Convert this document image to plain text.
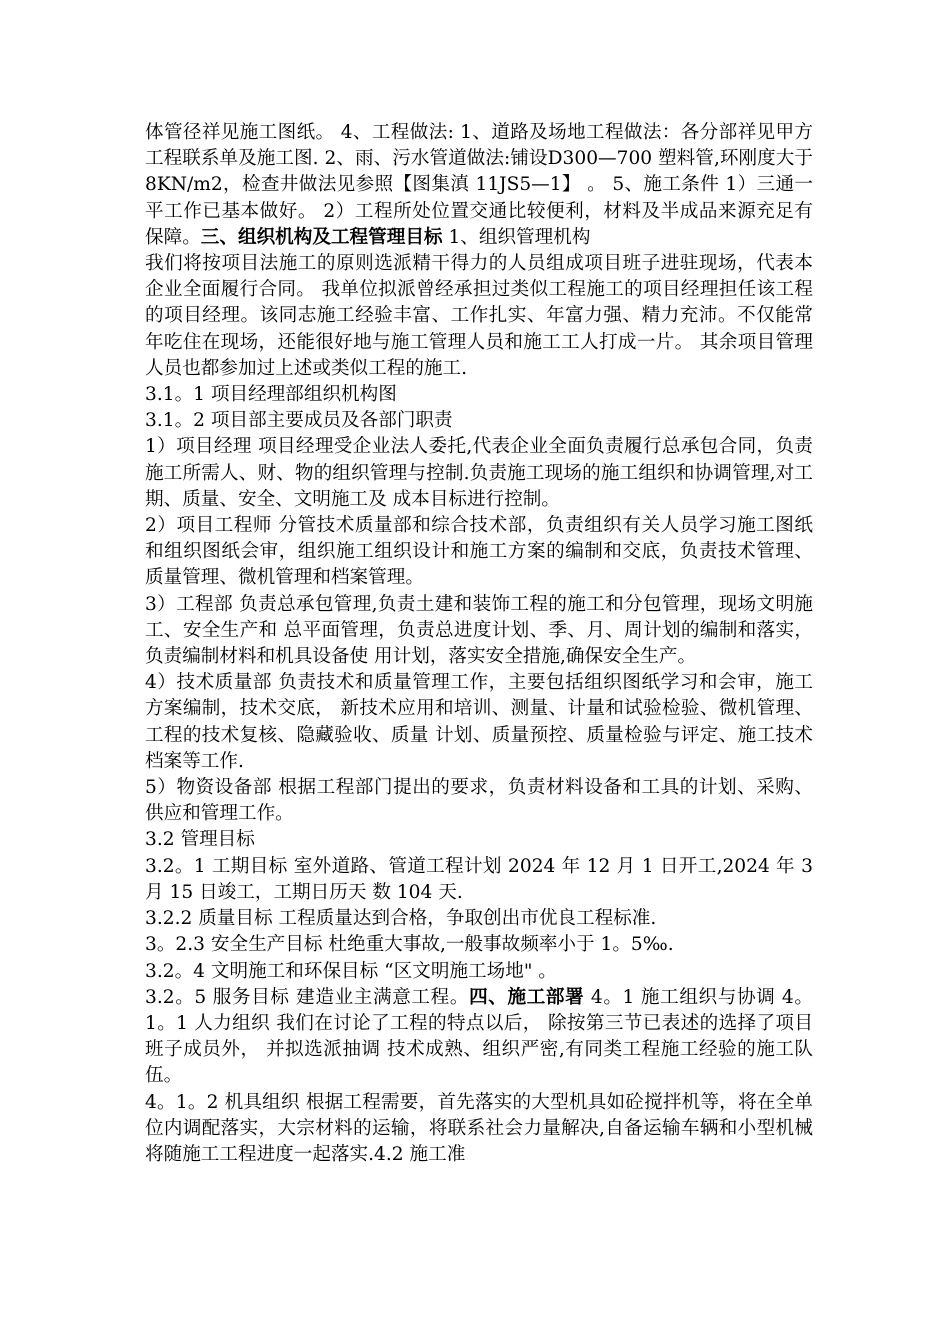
体管径祥见施工图纸。 4、工程做法: 1、道路及场地工程做法：各分部祥见甲方工程联系单及施工图. 2、雨、污水管道做法:铺设D300—700 塑料管,环刚度大于 8KN/m2，检查井做法见参照【图集滇 11JS5—1】 。 5、施工条件 1）三通一平工作已基本做好。 2）工程所处位置交通比较便利，材料及半成品来源充足有保障。三、组织机构及工程管理目标 1、组织管理机构

我们将按项目法施工的原则选派精干得力的人员组成项目班子进驻现场，代表本企业全面履行合同。 我单位拟派曾经承担过类似工程施工的项目经理担任该工程的项目经理。该同志施工经验丰富、工作扎实、年富力强、精力充沛。不仅能常年吃住在现场，还能很好地与施工管理人员和施工工人打成一片。 其余项目管理人员也都参加过上述或类似工程的施工.

3.1。1 项目经理部组织机构图

3.1。2 项目部主要成员及各部门职责

1）项目经理 项目经理受企业法人委托,代表企业全面负责履行总承包合同，负责施工所需人、财、物的组织管理与控制.负责施工现场的施工组织和协调管理,对工期、质量、安全、文明施工及 成本目标进行控制。

2）项目工程师 分管技术质量部和综合技术部，负责组织有关人员学习施工图纸和组织图纸会审，组织施工组织设计和施工方案的编制和交底，负责技术管理、质量管理、微机管理和档案管理。

3）工程部 负责总承包管理,负责土建和装饰工程的施工和分包管理，现场文明施工、安全生产和 总平面管理，负责总进度计划、季、月、周计划的编制和落实，负责编制材料和机具设备使 用计划，落实安全措施,确保安全生产。

4）技术质量部 负责技术和质量管理工作，主要包括组织图纸学习和会审，施工方案编制，技术交底， 新技术应用和培训、测量、计量和试验检验、微机管理、工程的技术复核、隐藏验收、质量 计划、质量预控、质量检验与评定、施工技术档案等工作.

5）物资设备部 根据工程部门提出的要求，负责材料设备和工具的计划、采购、供应和管理工作。

3.2 管理目标

3.2。1 工期目标 室外道路、管道工程计划 2024 年 12 月 1 日开工,2024 年 3 月 15 日竣工，工期日历天 数 104 天.

3.2.2 质量目标 工程质量达到合格，争取创出市优良工程标准.

3。2.3 安全生产目标 杜绝重大事故,一般事故频率小于 1。5‰.

3.2。4 文明施工和环保目标 “区文明施工场地" 。

3.2。5 服务目标 建造业主满意工程。四、施工部署 4。1 施工组织与协调 4。1。1 人力组织 我们在讨论了工程的特点以后， 除按第三节已表述的选择了项目班子成员外， 并拟选派抽调 技术成熟、组织严密,有同类工程施工经验的施工队伍。

4。1。2 机具组织 根据工程需要，首先落实的大型机具如砼搅拌机等，将在全单位内调配落实，大宗材料的运输，将联系社会力量解决,自备运输车辆和小型机械将随施工工程进度一起落实.4.2 施工准
